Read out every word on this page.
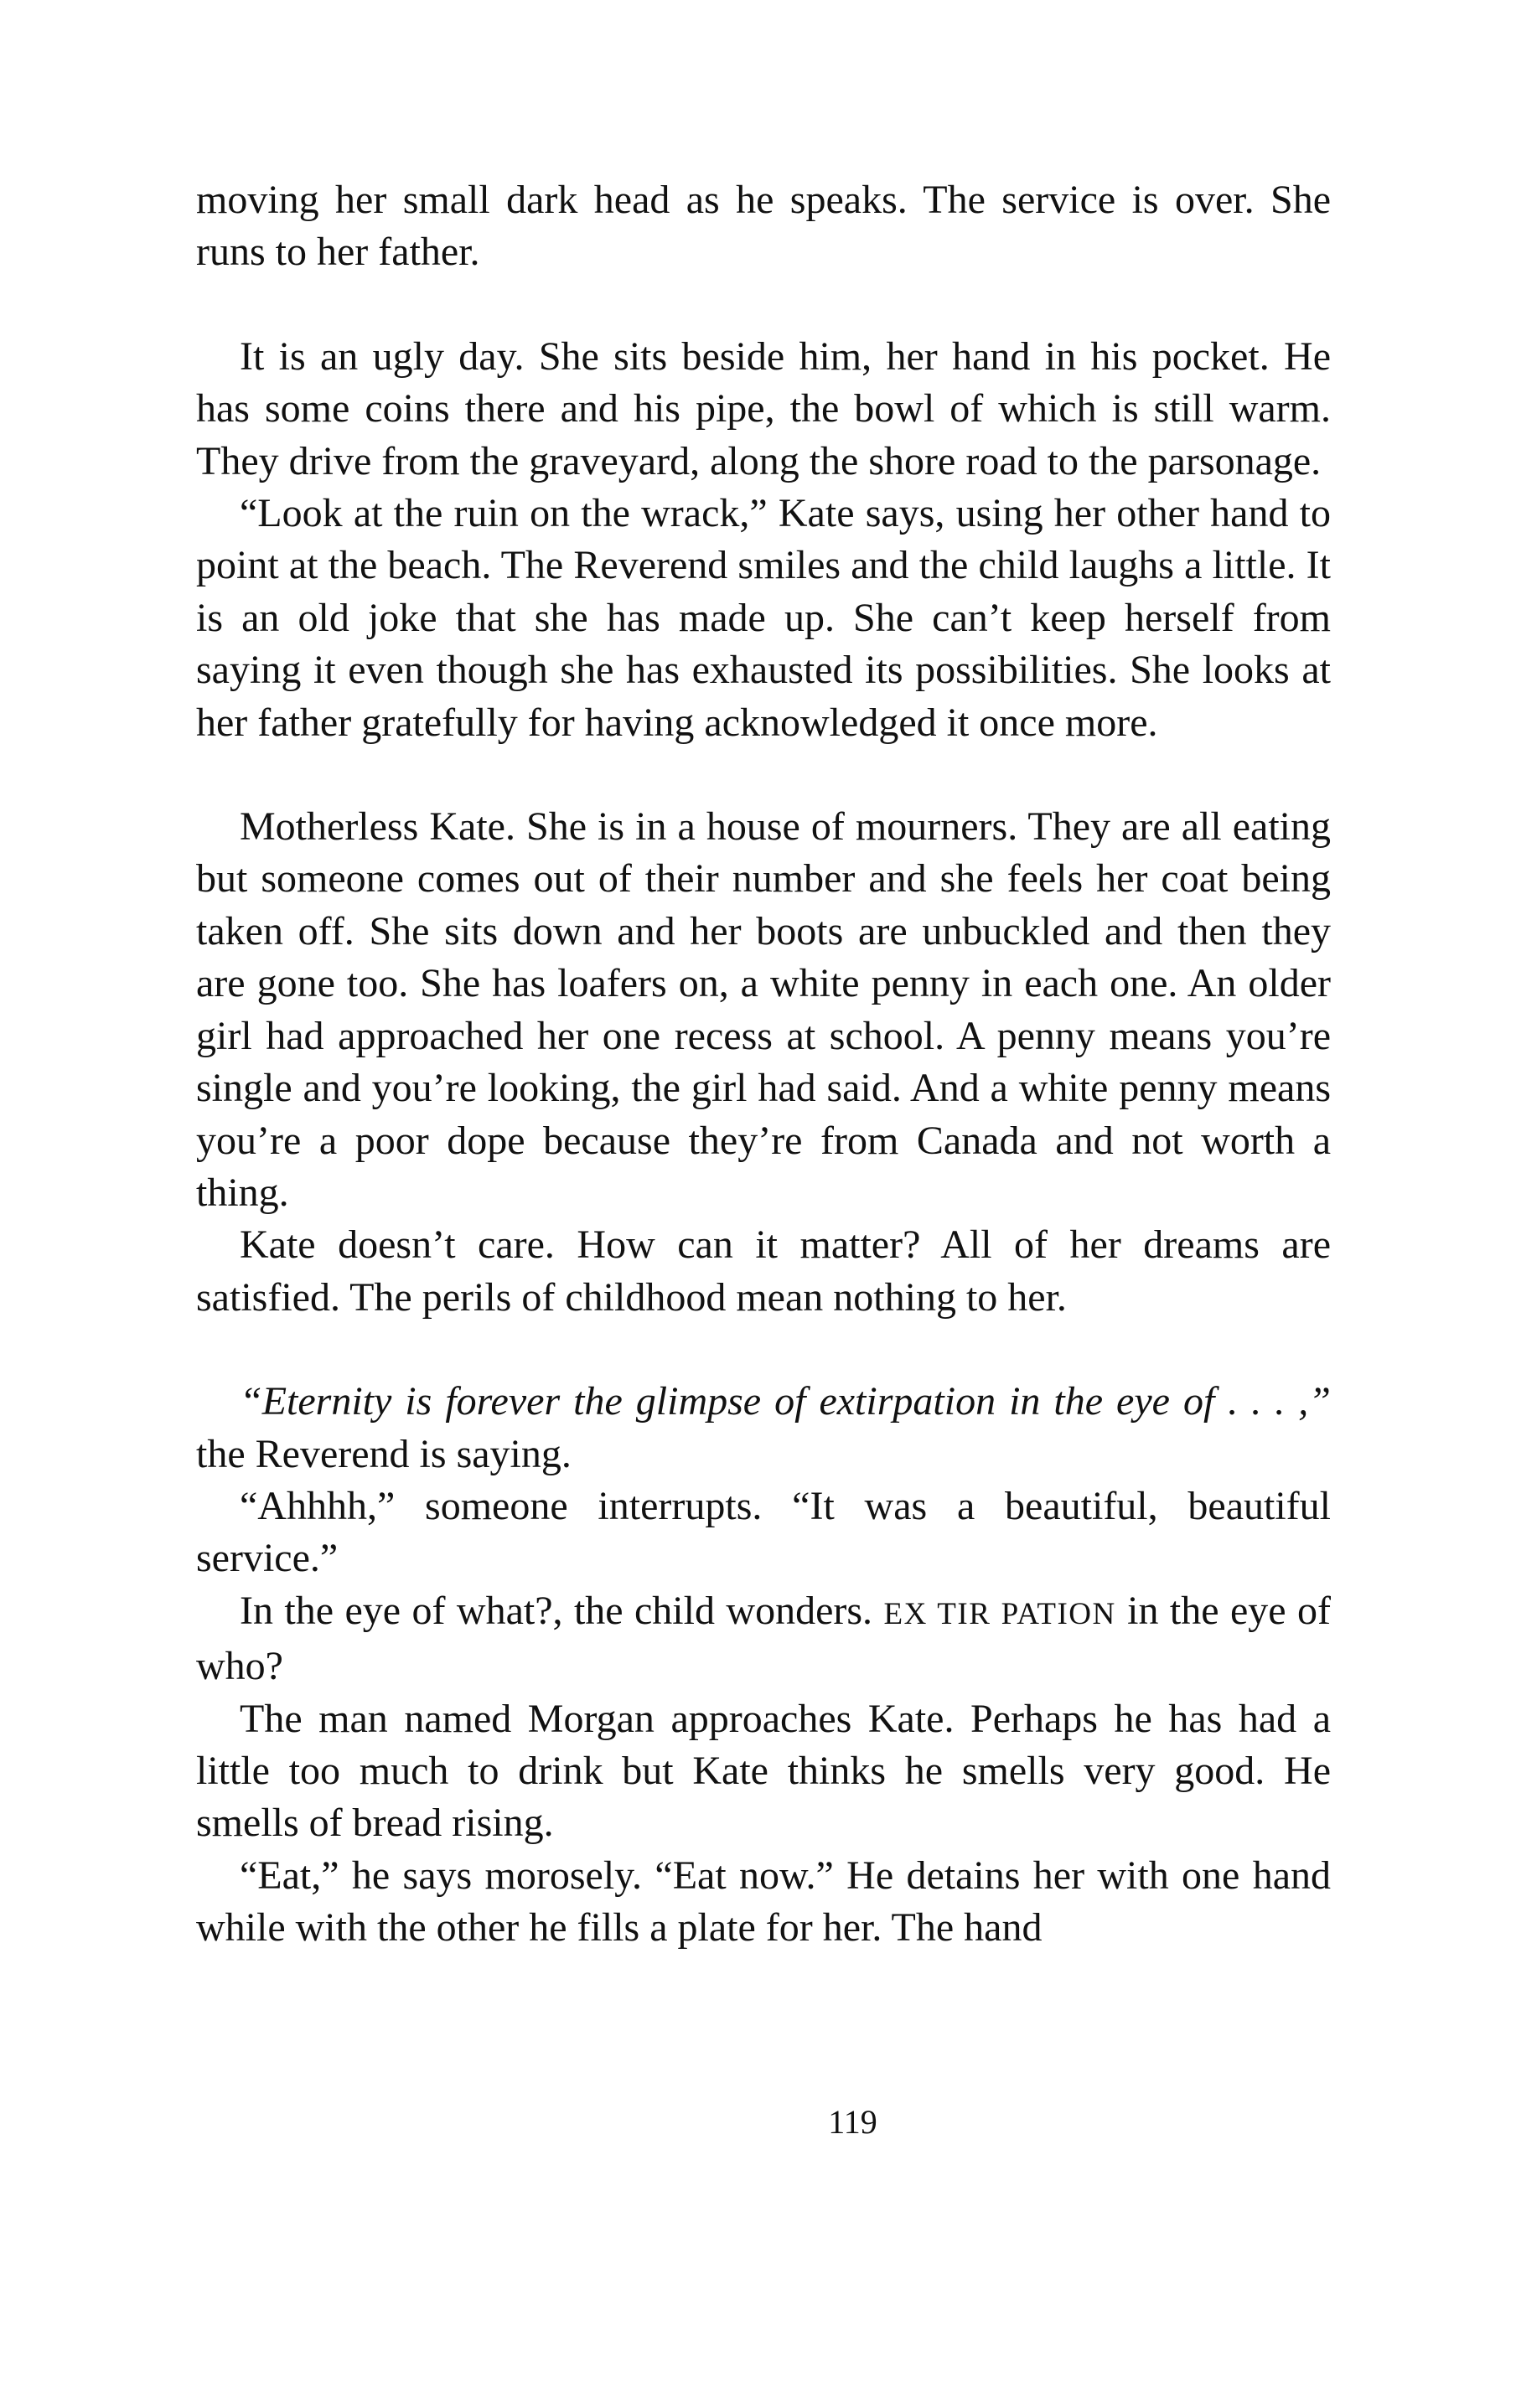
moving her small dark head as he speaks. The service is over. She runs to her father.

It is an ugly day. She sits beside him, her hand in his pocket. He has some coins there and his pipe, the bowl of which is still warm. They drive from the graveyard, along the shore road to the parsonage.

“Look at the ruin on the wrack,” Kate says, using her other hand to point at the beach. The Reverend smiles and the child laughs a little. It is an old joke that she has made up. She can’t keep herself from saying it even though she has exhausted its possibilities. She looks at her father gratefully for having acknowledged it once more.

Motherless Kate. She is in a house of mourners. They are all eating but someone comes out of their number and she feels her coat being taken off. She sits down and her boots are unbuckled and then they are gone too. She has loafers on, a white penny in each one. An older girl had approached her one recess at school. A penny means you’re single and you’re looking, the girl had said. And a white penny means you’re a poor dope because they’re from Canada and not worth a thing.

Kate doesn’t care. How can it matter? All of her dreams are satisfied. The perils of childhood mean nothing to her.

“Eternity is forever the glimpse of extirpation in the eye of . . . ,” the Reverend is saying.

“Ahhhh,” someone interrupts. “It was a beautiful, beautiful service.”

In the eye of what?, the child wonders. EX TIR PATION in the eye of who?

The man named Morgan approaches Kate. Perhaps he has had a little too much to drink but Kate thinks he smells very good. He smells of bread rising.

“Eat,” he says morosely. “Eat now.” He detains her with one hand while with the other he fills a plate for her. The hand

119
